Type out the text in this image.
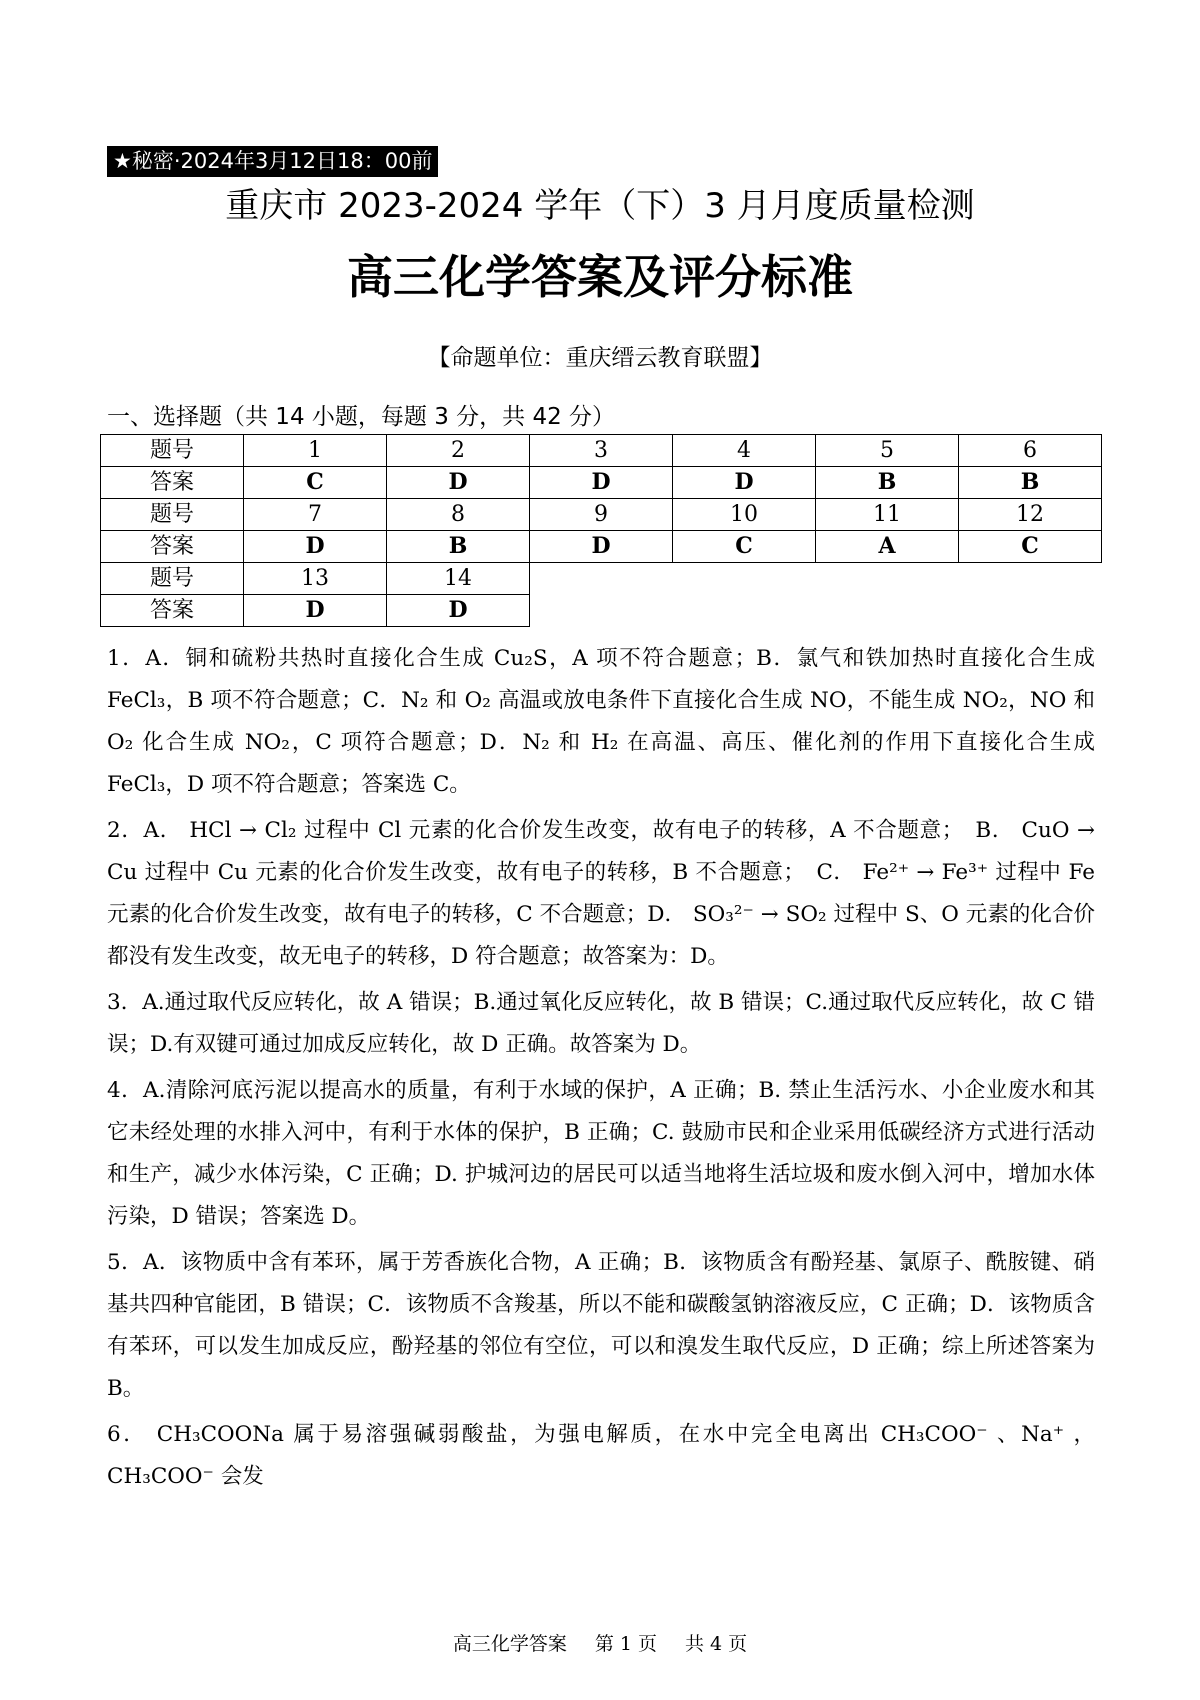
★秘密·2024年3月12日18：00前
重庆市 2023-2024 学年（下）3 月月度质量检测
高三化学答案及评分标准
【命题单位：重庆缙云教育联盟】
一、选择题（共 14 小题，每题 3 分，共 42 分）
题号	1	2	3	4	5	6
答案	C	D	D	D	B	B
题号	7	8	9	10	11	12
答案	D	B	D	C	A	C
题号	13	14				
答案	D	D				

1．A．铜和硫粉共热时直接化合生成 Cu₂S，A 项不符合题意；B．氯气和铁加热时直接化合生成 FeCl₃，B 项不符合题意；C．N₂ 和 O₂ 高温或放电条件下直接化合生成 NO，不能生成 NO₂，NO 和 O₂ 化合生成 NO₂，C 项符合题意；D．N₂ 和 H₂ 在高温、高压、催化剂的作用下直接化合生成 FeCl₃，D 项不符合题意；答案选 C。

2．A． HCl → Cl₂ 过程中 Cl 元素的化合价发生改变，故有电子的转移，A 不合题意；　B． CuO → Cu 过程中 Cu 元素的化合价发生改变，故有电子的转移，B 不合题意；　C． Fe²⁺ → Fe³⁺ 过程中 Fe 元素的化合价发生改变，故有电子的转移，C 不合题意；D． SO₃²⁻ → SO₂ 过程中 S、O 元素的化合价都没有发生改变，故无电子的转移，D 符合题意；故答案为：D。

3．A.通过取代反应转化，故 A 错误；B.通过氧化反应转化，故 B 错误；C.通过取代反应转化，故 C 错误；D.有双键可通过加成反应转化，故 D 正确。故答案为 D。

4．A.清除河底污泥以提高水的质量，有利于水域的保护，A 正确；B. 禁止生活污水、小企业废水和其它未经处理的水排入河中，有利于水体的保护，B 正确；C. 鼓励市民和企业采用低碳经济方式进行活动和生产，减少水体污染，C 正确；D. 护城河边的居民可以适当地将生活垃圾和废水倒入河中，增加水体污染，D 错误；答案选 D。

5．A．该物质中含有苯环，属于芳香族化合物，A 正确；B．该物质含有酚羟基、氯原子、酰胺键、硝基共四种官能团，B 错误；C．该物质不含羧基，所以不能和碳酸氢钠溶液反应，C 正确；D．该物质含有苯环，可以发生加成反应，酚羟基的邻位有空位，可以和溴发生取代反应，D 正确；综上所述答案为 B。

6． CH₃COONa 属于易溶强碱弱酸盐，为强电解质，在水中完全电离出 CH₃COO⁻ 、Na⁺ ，CH₃COO⁻ 会发

高三化学答案 第 1 页 共 4 页
